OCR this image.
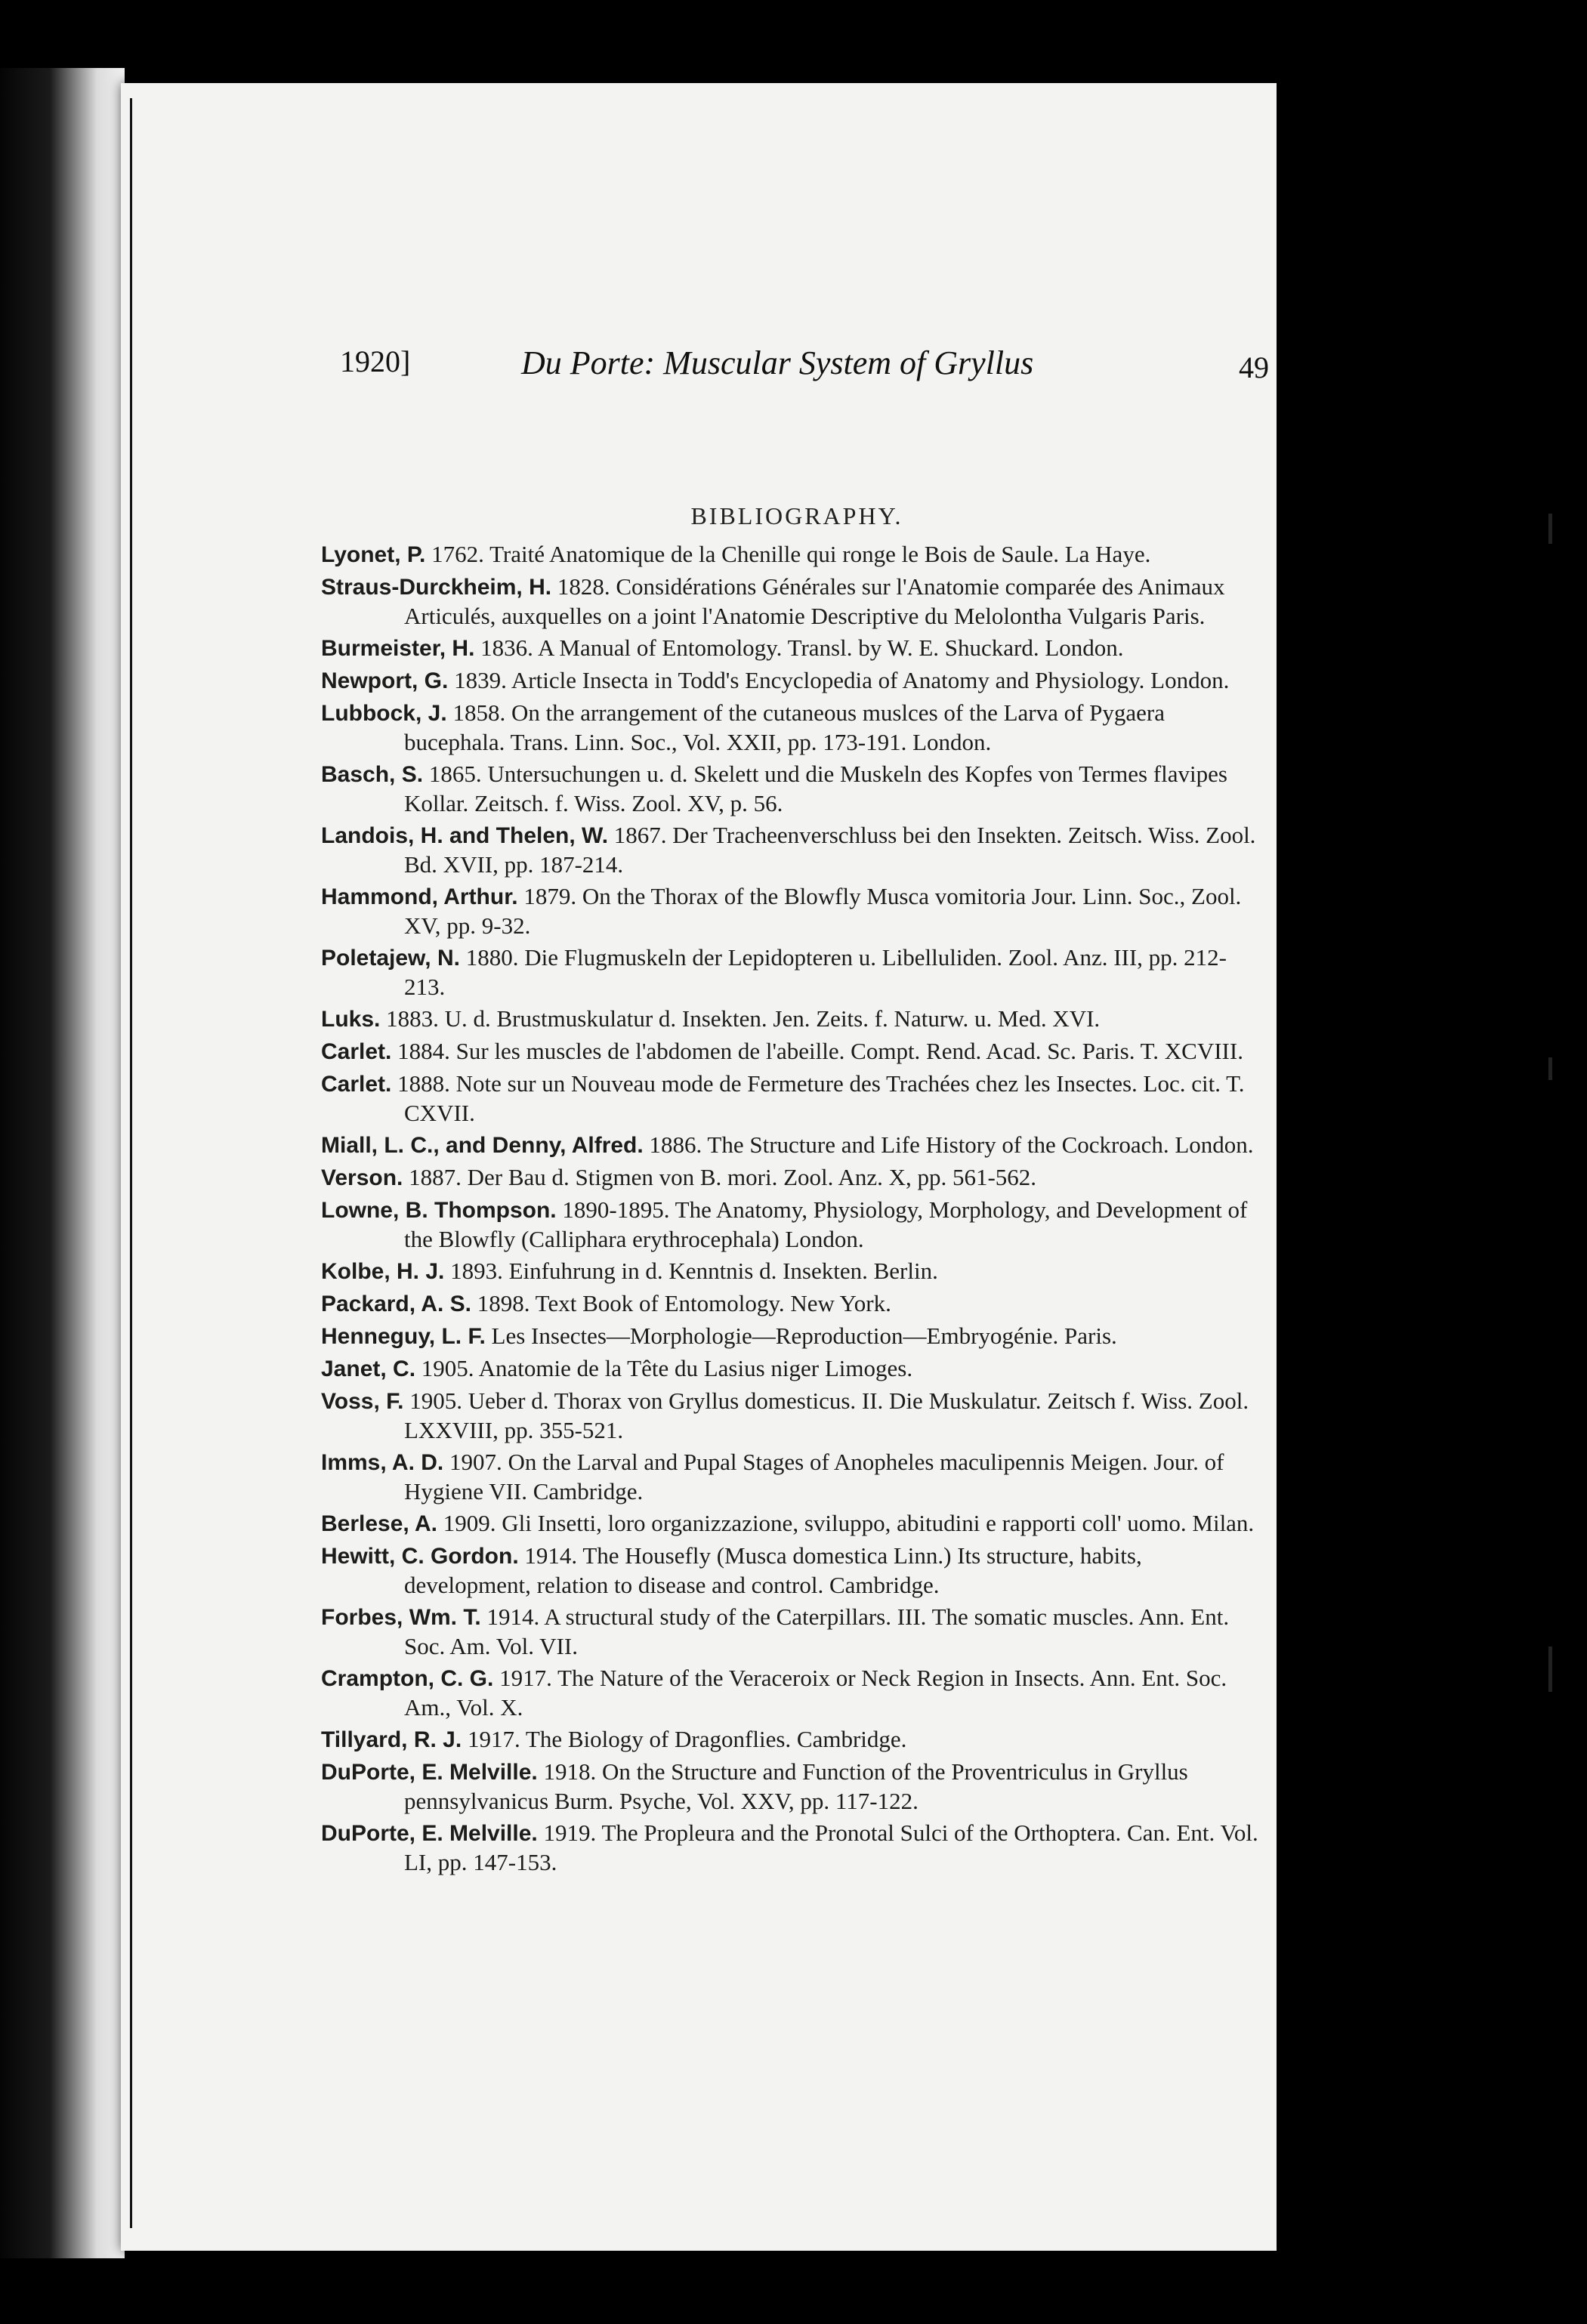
1920]	Du Porte: Muscular System of Gryllus	49
BIBLIOGRAPHY.

Lyonet, P. 1762. Traité Anatomique de la Chenille qui ronge le Bois de Saule. La Haye.

Straus-Durckheim, H. 1828. Considérations Générales sur l'Anatomie comparée des Animaux Articulés, auxquelles on a joint l'Anatomie Descriptive du Melolontha Vulgaris Paris.

Burmeister, H. 1836. A Manual of Entomology. Transl. by W. E. Shuckard. London.

Newport, G. 1839. Article Insecta in Todd's Encyclopedia of Anatomy and Physiology. London.

Lubbock, J. 1858. On the arrangement of the cutaneous muslces of the Larva of Pygaera bucephala. Trans. Linn. Soc., Vol. XXII, pp. 173-191. London.

Basch, S. 1865. Untersuchungen u. d. Skelett und die Muskeln des Kopfes von Termes flavipes Kollar. Zeitsch. f. Wiss. Zool. XV, p. 56.

Landois, H. and Thelen, W. 1867. Der Tracheenverschluss bei den Insekten. Zeitsch. Wiss. Zool. Bd. XVII, pp. 187-214.

Hammond, Arthur. 1879. On the Thorax of the Blowfly Musca vomitoria Jour. Linn. Soc., Zool. XV, pp. 9-32.

Poletajew, N. 1880. Die Flugmuskeln der Lepidopteren u. Libelluliden. Zool. Anz. III, pp. 212-213.

Luks. 1883. U. d. Brustmuskulatur d. Insekten. Jen. Zeits. f. Naturw. u. Med. XVI.

Carlet. 1884. Sur les muscles de l'abdomen de l'abeille. Compt. Rend. Acad. Sc. Paris. T. XCVIII.

Carlet. 1888. Note sur un Nouveau mode de Fermeture des Trachées chez les Insectes. Loc. cit. T. CXVII.

Miall, L. C., and Denny, Alfred. 1886. The Structure and Life History of the Cockroach. London.

Verson. 1887. Der Bau d. Stigmen von B. mori. Zool. Anz. X, pp. 561-562.

Lowne, B. Thompson. 1890-1895. The Anatomy, Physiology, Morphology, and Development of the Blowfly (Calliphara erythrocephala) London.

Kolbe, H. J. 1893. Einfuhrung in d. Kenntnis d. Insekten. Berlin.

Packard, A. S. 1898. Text Book of Entomology. New York.

Henneguy, L. F. Les Insectes—Morphologie—Reproduction—Embryogénie. Paris.

Janet, C. 1905. Anatomie de la Tête du Lasius niger Limoges.

Voss, F. 1905. Ueber d. Thorax von Gryllus domesticus. II. Die Muskulatur. Zeitsch f. Wiss. Zool. LXXVIII, pp. 355-521.

Imms, A. D. 1907. On the Larval and Pupal Stages of Anopheles maculipennis Meigen. Jour. of Hygiene VII. Cambridge.

Berlese, A. 1909. Gli Insetti, loro organizzazione, sviluppo, abitudini e rapporti coll' uomo. Milan.

Hewitt, C. Gordon. 1914. The Housefly (Musca domestica Linn.) Its structure, habits, development, relation to disease and control. Cambridge.

Forbes, Wm. T. 1914. A structural study of the Caterpillars. III. The somatic muscles. Ann. Ent. Soc. Am. Vol. VII.

Crampton, C. G. 1917. The Nature of the Veraceroix or Neck Region in Insects. Ann. Ent. Soc. Am., Vol. X.

Tillyard, R. J. 1917. The Biology of Dragonflies. Cambridge.

DuPorte, E. Melville. 1918. On the Structure and Function of the Proventriculus in Gryllus pennsylvanicus Burm. Psyche, Vol. XXV, pp. 117-122.

DuPorte, E. Melville. 1919. The Propleura and the Pronotal Sulci of the Orthoptera. Can. Ent. Vol. LI, pp. 147-153.
